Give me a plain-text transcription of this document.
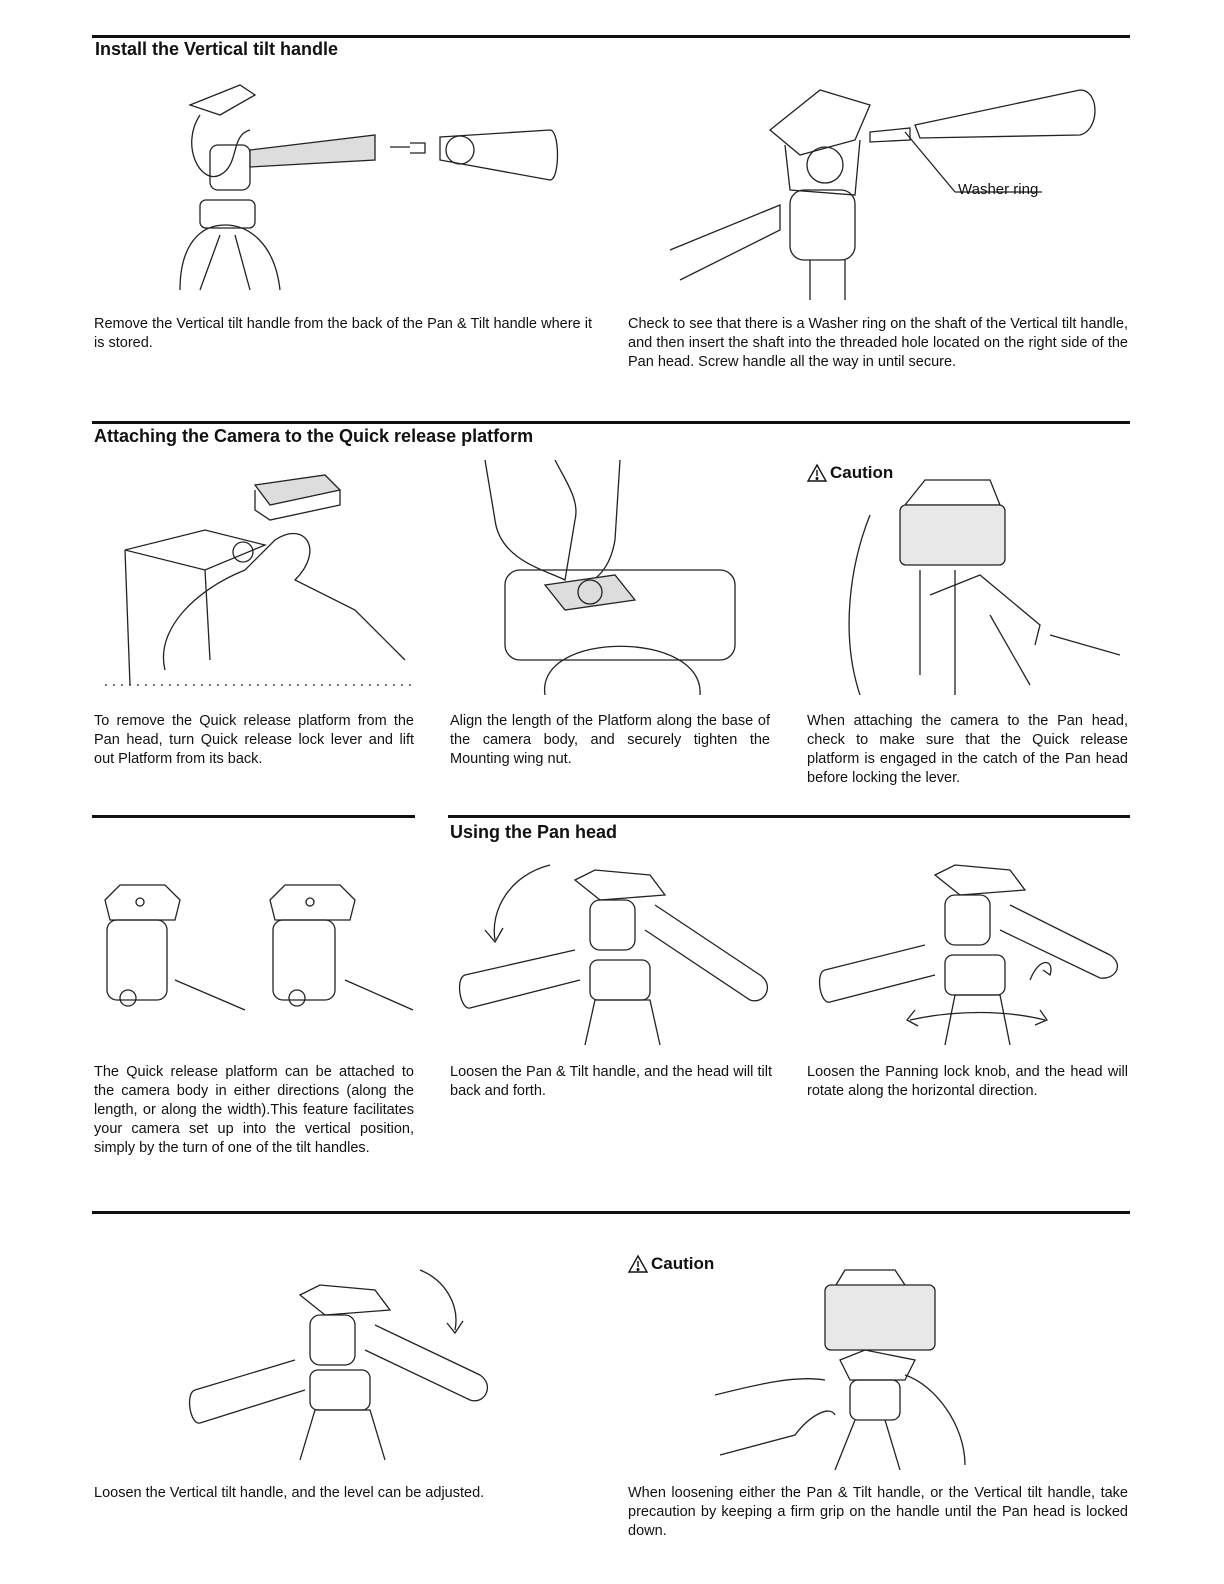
Install the Vertical tilt handle
Washer ring
Remove the Vertical tilt handle from the back of the Pan & Tilt handle where it is stored.
Check to see that there is a Washer ring on the shaft of the Vertical tilt handle, and then insert the shaft into the threaded hole located on the right side of the Pan head. Screw handle all the way in until secure.
Attaching the Camera to the Quick release platform
Caution
To remove the Quick release platform from the Pan head, turn Quick release lock lever and lift out Platform from its back.
Align the length of the Platform along the base of the camera body, and securely tighten the Mounting wing nut.
When attaching the camera to the Pan head, check to make sure that the Quick release platform is engaged in the catch of the Pan head before locking the lever.
Using the Pan head
The Quick release platform can be attached to the camera body in either directions (along the length, or along the width).This feature facilitates your camera set up into the vertical position, simply by the turn of one of the tilt handles.
Loosen the Pan & Tilt handle, and the head will tilt back and forth.
Loosen the Panning lock knob, and the head will rotate along the horizontal direction.
Caution
Loosen the Vertical tilt handle, and the level can be adjusted.	When loosening either the Pan & Tilt handle, or the Vertical tilt handle, take precaution by keeping a firm grip on the handle until the Pan head is locked down.
